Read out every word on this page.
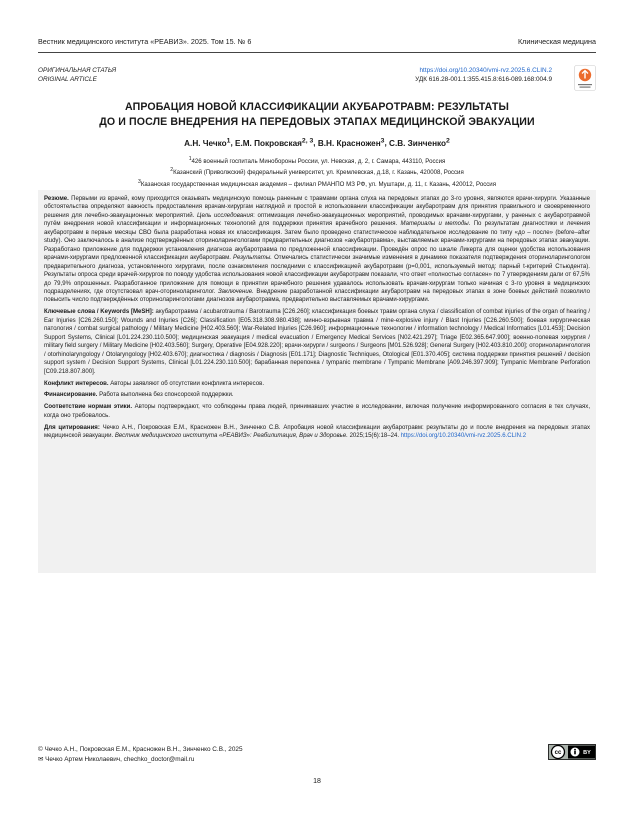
Вестник медицинского института «РЕАВИЗ». 2025. Том 15. № 6	Клиническая медицина
ОРИГИНАЛЬНАЯ СТАТЬЯ
ORIGINAL ARTICLE
https://doi.org/10.20340/vmi-rvz.2025.6.CLIN.2
УДК 616.28-001.1:355.415.8:616-089.168:004.9
АПРОБАЦИЯ НОВОЙ КЛАССИФИКАЦИИ АКУБАРОТРАВМ: РЕЗУЛЬТАТЫ
ДО И ПОСЛЕ ВНЕДРЕНИЯ НА ПЕРЕДОВЫХ ЭТАПАХ МЕДИЦИНСКОЙ ЭВАКУАЦИИ
А.Н. Чечко$^1$, Е.М. Покровская$^{2, 3}$, В.Н. Красножен$^3$, С.В. Зинченко$^2$
$^1$426 военный госпиталь Минобороны России, ул. Невская, д. 2, г. Самара, 443110, Россия
$^2$Казанский (Приволжский) федеральный университет, ул. Кремлевская, д.18, г. Казань, 420008, Россия
$^3$Казанская государственная медицинская академия – филиал РМАНПО МЗ РФ, ул. Муштари, д. 11, г. Казань, 420012, Россия

Резюме. Первыми из врачей, кому приходится оказывать медицинскую помощь раненым с травмами органа слуха на передовых этапах до 3-го уровня, являются врачи-хирурги. Указанные обстоятельства определяют важность предоставления врачам-хирургам наглядной и простой в использовании классификации акубаротравм для принятия правильного и своевременного решения для лечебно-эвакуационных мероприятий. Цель исследования: оптимизация лечебно-эвакуационных мероприятий, проводимых врачами-хирургами, у раненых с акубаротравмой путём внедрения новой классификации и информационных технологий для поддержки принятия врачебного решения. Материалы и методы. По результатам диагностики и лечения акубаротравм в первые месяцы СВО была разработана новая их классификация. Затем было проведено статистическое наблюдательное исследование по типу «до – после» (before–after study). Оно заключалось в анализе подтверждённых оториноларингологами предварительных диагнозов «акубаротравма», выставляемых врачами-хирургами на передовых этапах эвакуации. Разработано приложение для поддержки установления диагноза акубаротравма по предложенной классификации. Проведён опрос по шкале Ликерта для оценки удобства использования врачами-хирургами предложенной классификации акубаротравм. Результаты. Отмечались статистически значимые изменения в динамике показателя подтверждения оториноларингологом предварительного диагноза, установленного хирургами, после ознакомления последними с классификацией акубаротравм (p=0,001, используемый метод: парный t-критерий Стьюдента). Результаты опроса среди врачей-хирургов по поводу удобства использования новой классификации акубаротравм показали, что ответ «полностью согласен» по 7 утверждениям дали от 67,5% до 79,9% опрошенных. Разработанное приложение для помощи в принятии врачебного решения удавалось использовать врачам-хирургам только начиная с 3-го уровня в медицинских подразделениях, где отсутствовал врач-оториноларинголог. Заключение. Внедрение разработанной классификации акубаротравм на передовых этапах в зоне боевых действий позволило повысить число подтверждённых оториноларингологами диагнозов акубаротравма, предварительно выставляемых врачами-хирургами.

Ключевые слова / Keywords [MeSH]: акубаротравма / acubarotrauma / Barotrauma [C26.260]; классификация боевых травм органа слуха / classification of combat injuries of the organ of hearing / Ear Injuries [C26.260.150]; Wounds and Injuries [C26]; Classification [E05.318.308.980.438]; минно-взрывная травма / mine-explosive injury / Blast Injuries [C26.260.500]; боевая хирургическая патология / combat surgical pathology / Military Medicine [H02.403.560]; War-Related Injuries [C26.960]; информационные технологии / information technology / Medical Informatics [L01.453]; Decision Support Systems, Clinical [L01.224.230.110.500]; медицинская эвакуация / medical evacuation / Emergency Medical Services [N02.421.297]; Triage [E02.365.647.900]; военно-полевая хирургия / military field surgery / Military Medicine [H02.403.560]; Surgery, Operative [E04.928.220]; врачи-хирурги / surgeons / Surgeons [M01.526.928]; General Surgery [H02.403.810.200]; оториноларингология / otorhinolaryngology / Otolaryngology [H02.403.670]; диагностика / diagnosis / Diagnosis [E01.171]; Diagnostic Techniques, Otological [E01.370.405]; система поддержки принятия решений / decision support system / Decision Support Systems, Clinical [L01.224.230.110.500]; барабанная перепонка / tympanic membrane / Tympanic Membrane [A09.246.397.909]; Tympanic Membrane Perforation [C09.218.807.800].

Конфликт интересов. Авторы заявляют об отсутствии конфликта интересов.

Финансирование. Работа выполнена без спонсорской поддержки.

Соответствие нормам этики. Авторы подтверждают, что соблюдены права людей, принимавших участие в исследовании, включая получение информированного согласия в тех случаях, когда оно требовалось.

Для цитирования: Чечко А.Н., Покровская Е.М., Красножен В.Н., Зинченко С.В. Апробация новой классификации акубаротравм: результаты до и после внедрения на передовых этапах медицинской эвакуации. Вестник медицинского института «РЕАВИЗ»: Реабилитация, Врач и Здоровье. 2025;15(6):18–24. https://doi.org/10.20340/vmi-rvz.2025.6.CLIN.2

© Чечко А.Н., Покровская Е.М., Красножен В.Н., Зинченко С.В., 2025
✉ Чечко Артем Николаевич, chechko_doctor@mail.ru
cc	BY
18
